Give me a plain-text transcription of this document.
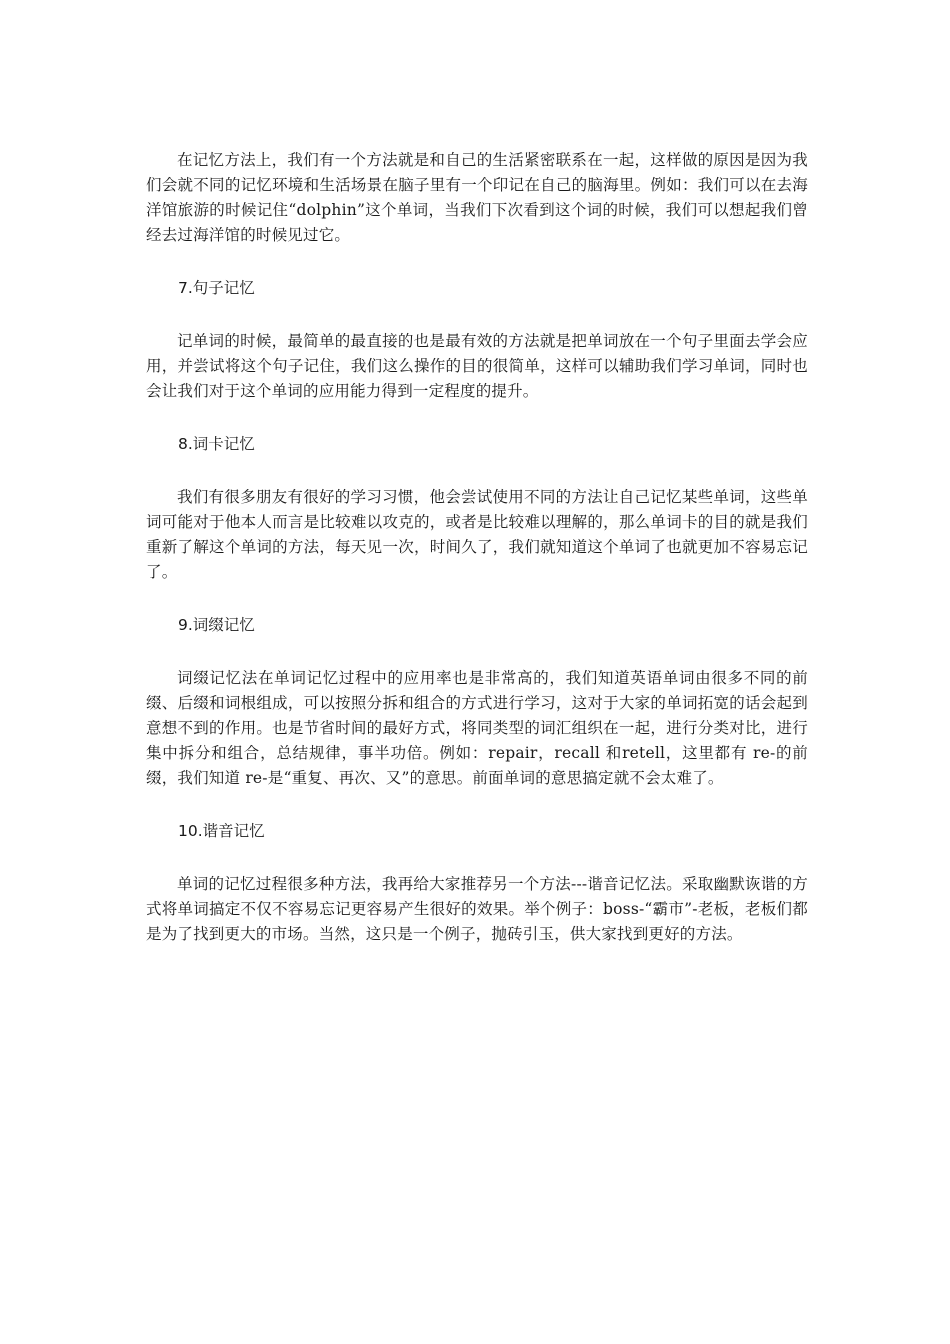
在记忆方法上，我们有一个方法就是和自己的生活紧密联系在一起，这样做的原因是因为我们会就不同的记忆环境和生活场景在脑子里有一个印记在自己的脑海里。例如：我们可以在去海洋馆旅游的时候记住“dolphin”这个单词，当我们下次看到这个词的时候，我们可以想起我们曾经去过海洋馆的时候见过它。

7.句子记忆

记单词的时候，最简单的最直接的也是最有效的方法就是把单词放在一个句子里面去学会应用，并尝试将这个句子记住，我们这么操作的目的很简单，这样可以辅助我们学习单词，同时也会让我们对于这个单词的应用能力得到一定程度的提升。

8.词卡记忆

我们有很多朋友有很好的学习习惯，他会尝试使用不同的方法让自己记忆某些单词，这些单词可能对于他本人而言是比较难以攻克的，或者是比较难以理解的，那么单词卡的目的就是我们重新了解这个单词的方法，每天见一次，时间久了，我们就知道这个单词了也就更加不容易忘记了。

9.词缀记忆

词缀记忆法在单词记忆过程中的应用率也是非常高的，我们知道英语单词由很多不同的前缀、后缀和词根组成，可以按照分拆和组合的方式进行学习，这对于大家的单词拓宽的话会起到意想不到的作用。也是节省时间的最好方式，将同类型的词汇组织在一起，进行分类对比，进行集中拆分和组合，总结规律，事半功倍。例如：repair，recall 和retell，这里都有 re-的前缀，我们知道 re-是“重复、再次、又”的意思。前面单词的意思搞定就不会太难了。

10.谐音记忆

单词的记忆过程很多种方法，我再给大家推荐另一个方法---谐音记忆法。采取幽默诙谐的方式将单词搞定不仅不容易忘记更容易产生很好的效果。举个例子：boss-“霸市”-老板，老板们都是为了找到更大的市场。当然，这只是一个例子，抛砖引玉，供大家找到更好的方法。
